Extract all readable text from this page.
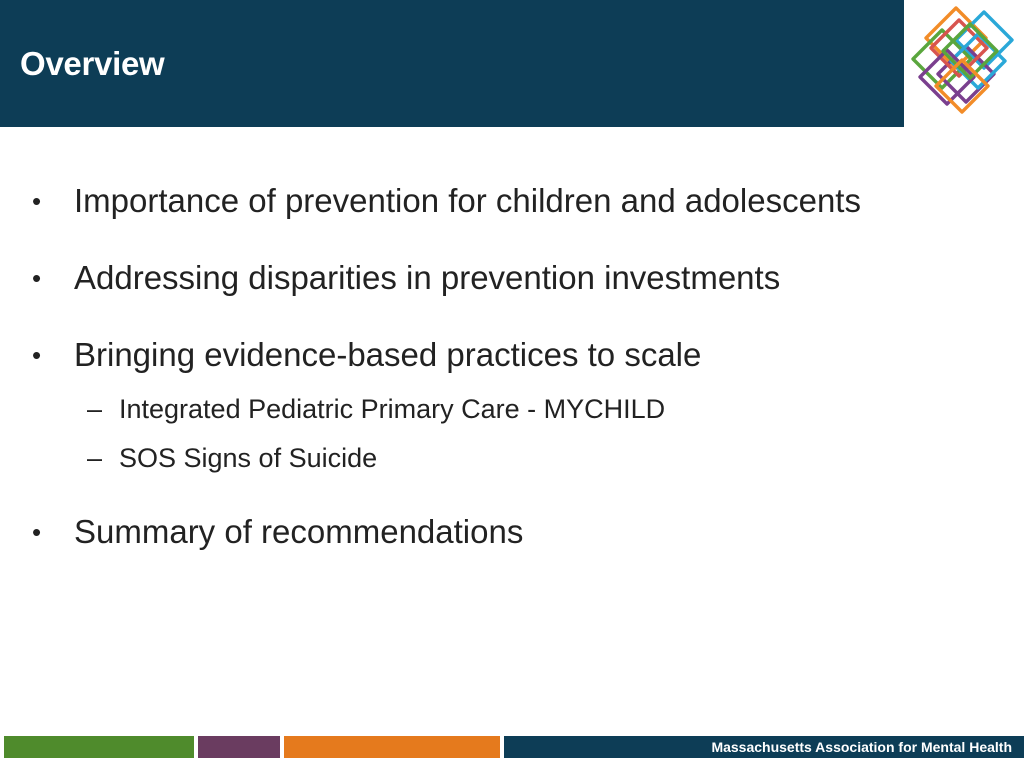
Overview
• Importance of prevention for children and adolescents
• Addressing disparities in prevention investments
• Bringing evidence-based practices to scale
– Integrated Pediatric Primary Care - MYCHILD
– SOS Signs of Suicide
• Summary of recommendations
Massachusetts Association for Mental Health
